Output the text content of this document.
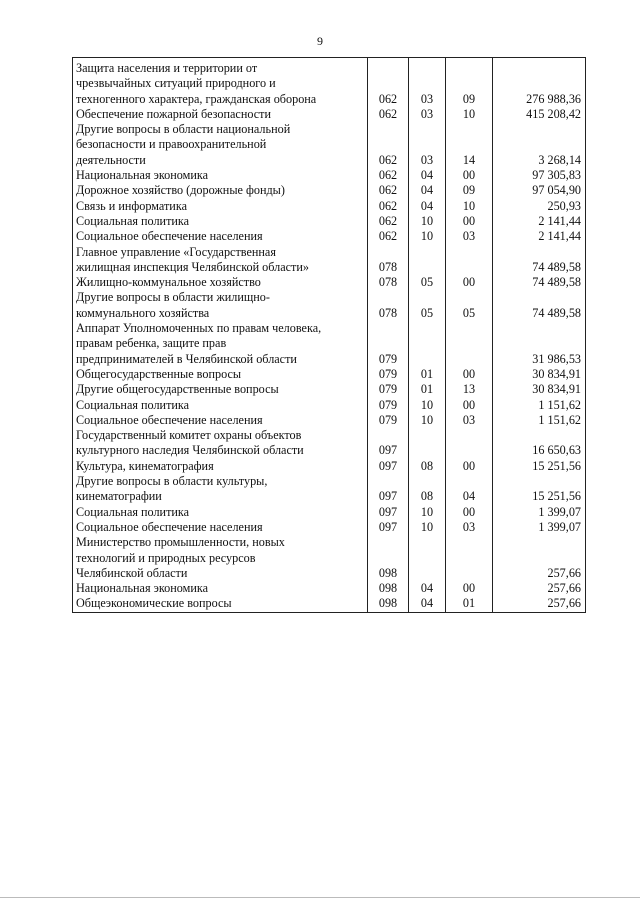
9
Защита населения и территории от
чрезвычайных ситуаций природного и
техногенного характера, гражданская оборона	062	03	09	276 988,36

Обеспечение пожарной безопасности	062	03	10	415 208,42

Другие вопросы в области национальной
безопасности и правоохранительной
деятельности	062	03	14	3 268,14

Национальная экономика	062	04	00	97 305,83

Дорожное хозяйство (дорожные фонды)	062	04	09	97 054,90

Связь и информатика	062	04	10	250,93

Социальная политика	062	10	00	2 141,44

Социальное обеспечение населения	062	10	03	2 141,44

Главное управление «Государственная
жилищная инспекция Челябинской области»	078			74 489,58

Жилищно-коммунальное хозяйство	078	05	00	74 489,58

Другие вопросы в области жилищно-
коммунального хозяйства	078	05	05	74 489,58

Аппарат Уполномоченных по правам человека,
правам ребенка, защите прав
предпринимателей в Челябинской области	079			31 986,53

Общегосударственные вопросы	079	01	00	30 834,91

Другие общегосударственные вопросы	079	01	13	30 834,91

Социальная политика	079	10	00	1 151,62

Социальное обеспечение населения	079	10	03	1 151,62

Государственный комитет охраны объектов
культурного наследия Челябинской области	097			16 650,63

Культура, кинематография	097	08	00	15 251,56

Другие вопросы в области культуры,
кинематографии	097	08	04	15 251,56

Социальная политика	097	10	00	1 399,07

Социальное обеспечение населения	097	10	03	1 399,07

Министерство промышленности, новых
технологий и природных ресурсов
Челябинской области	098			257,66

Национальная экономика	098	04	00	257,66

Общеэкономические вопросы	098	04	01	257,66
